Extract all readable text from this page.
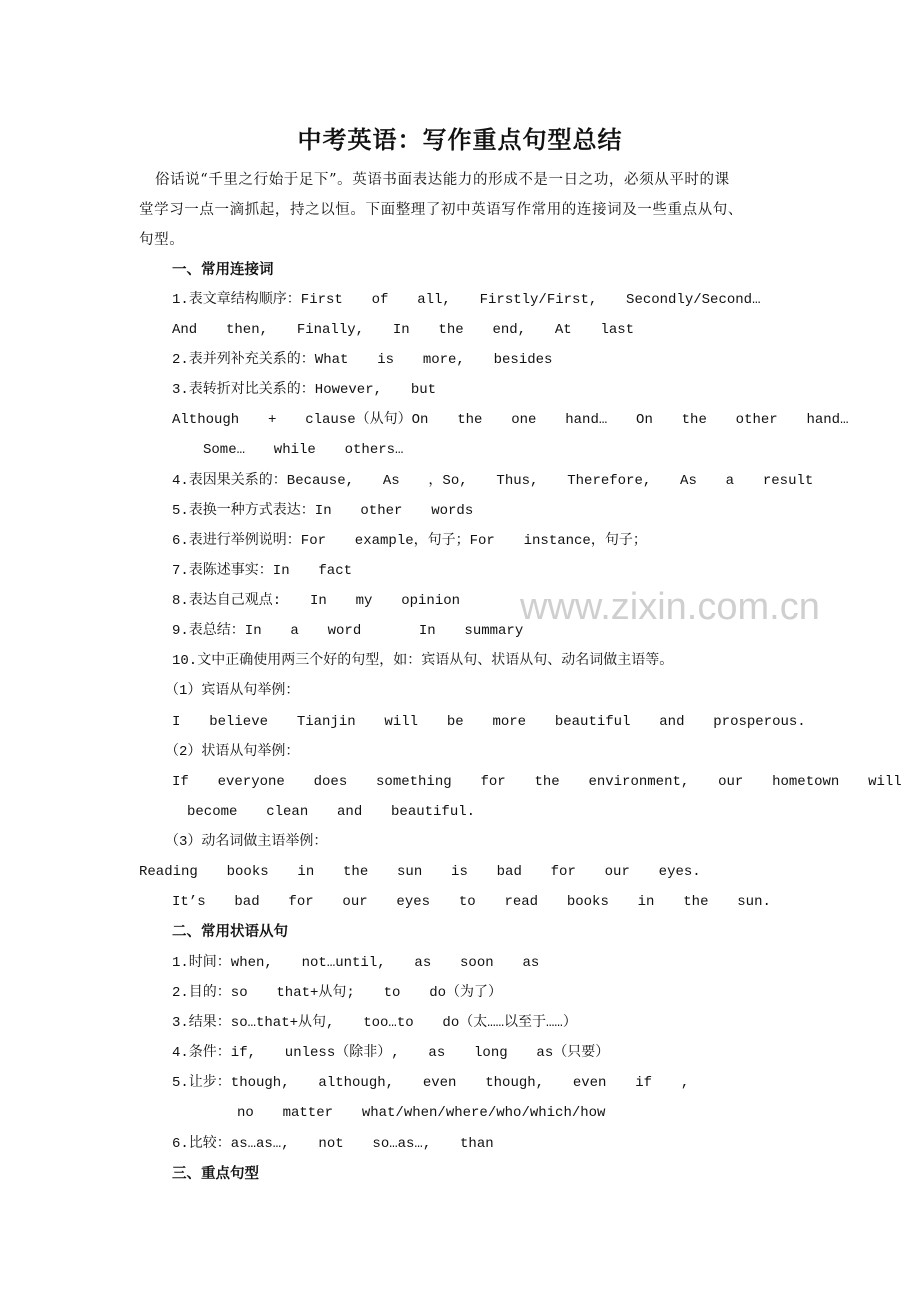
www.zixin.com.cn
中考英语：写作重点句型总结
俗话说“千里之行始于足下”。英语书面表达能力的形成不是一日之功，必须从平时的课
堂学习一点一滴抓起，持之以恒。下面整理了初中英语写作常用的连接词及一些重点从句、
句型。
一、常用连接词
1.表文章结构顺序：First  of  all,  Firstly/First,  Secondly/Second…
And  then,  Finally,  In  the  end,  At  last
2.表并列补充关系的：What  is  more,  besides
3.表转折对比关系的：However,  but
Although  +  clause（从句）On  the  one  hand…  On  the  other  hand…
Some…  while  others…
4.表因果关系的：Because,  As  ，So,  Thus,  Therefore,  As  a  result
5.表换一种方式表达：In  other  words
6.表进行举例说明：For  example，句子；For  instance，句子；
7.表陈述事实：In  fact
8.表达自己观点:  In  my  opinion
9.表总结：In  a  word    In  summary
10.文中正确使用两三个好的句型，如：宾语从句、状语从句、动名词做主语等。
（1）宾语从句举例：
I  believe  Tianjin  will  be  more  beautiful  and  prosperous.
（2）状语从句举例：
If  everyone  does  something  for  the  environment,  our  hometown  will
become  clean  and  beautiful.
（3）动名词做主语举例：
Reading  books  in  the  sun  is  bad  for  our  eyes.
It’s  bad  for  our  eyes  to  read  books  in  the  sun.
二、常用状语从句
1.时间：when,  not…until,  as  soon  as
2.目的：so  that+从句;  to  do（为了）
3.结果：so…that+从句,  too…to  do（太……以至于……）
4.条件：if,  unless（除非）,  as  long  as（只要）
5.让步：though,  although,  even  though,  even  if  ,
no  matter  what/when/where/who/which/how
6.比较：as…as…,  not  so…as…,  than
三、重点句型
